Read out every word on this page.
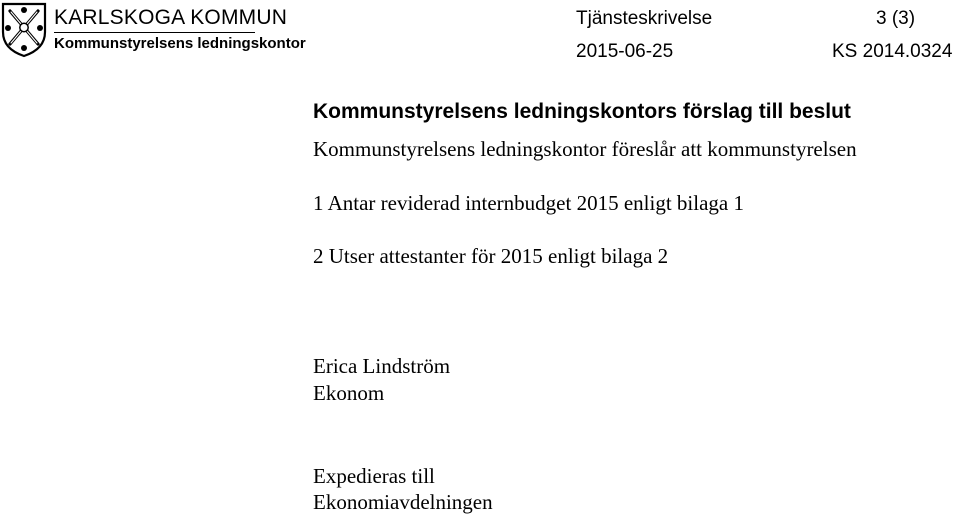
KARLSKOGA KOMMUN
Kommunstyrelsens ledningskontor
Tjänsteskrivelse	3 (3)
2015-06-25	KS 2014.0324
Kommunstyrelsens ledningskontors förslag till beslut
Kommunstyrelsens ledningskontor föreslår att kommunstyrelsen
1 Antar reviderad internbudget 2015 enligt bilaga 1
2 Utser attestanter för 2015 enligt bilaga 2
Erica Lindström
Ekonom
Expedieras till
Ekonomiavdelningen
